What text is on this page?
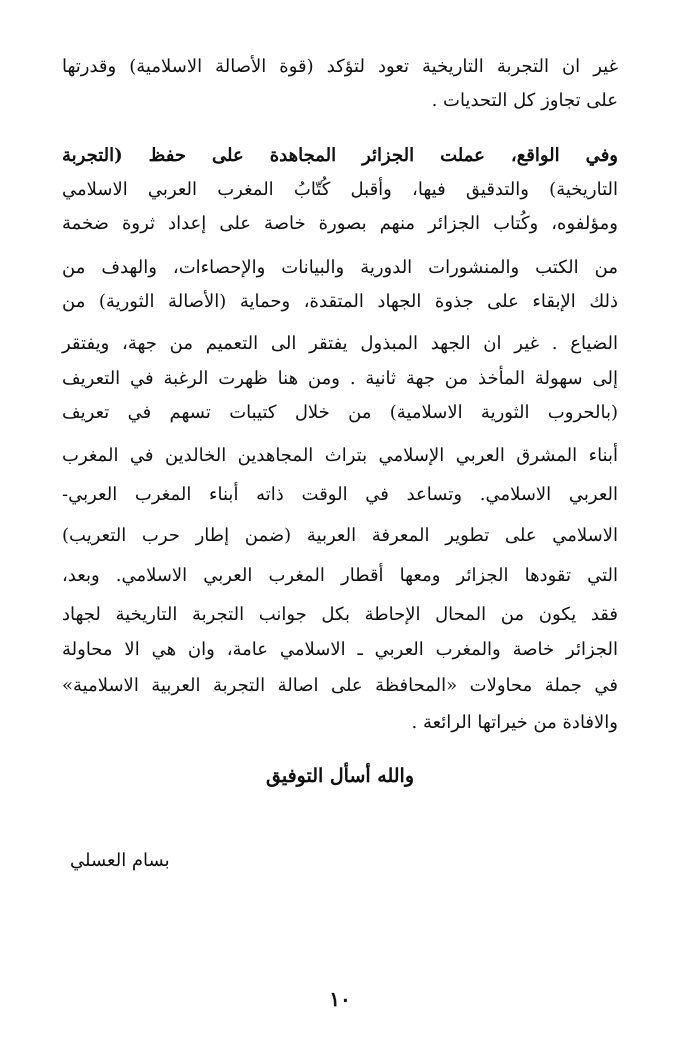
غير ان التجربة التاريخية تعود لتؤكد (قوة الأصالة الاسلامية) وقدرتها

على تجاوز كل التحديات .

وفي الواقع، عملت الجزائر المجاهدة على حفظ (التجربة

التاريخية) والتدقيق فيها، وأقبل كُتّابُ المغرب العربي الاسلامي

ومؤلفوه، وكُتاب الجزائر منهم بصورة خاصة على إعداد ثروة ضخمة

من الكتب والمنشورات الدورية والبيانات والإحصاءات، والهدف من

ذلك الإبقاء على جذوة الجهاد المتقدة، وحماية (الأصالة الثورية) من

الضياع . غير ان الجهد المبذول يفتقر الى التعميم من جهة، ويفتقر

إلى سهولة المأخذ من جهة ثانية . ومن هنا ظهرت الرغبة في التعريف

(بالحروب الثورية الاسلامية) من خلال كتيبات تسهم في تعريف

أبناء المشرق العربي الإسلامي بتراث المجاهدين الخالدين في المغرب

العربي الاسلامي. وتساعد في الوقت ذاته أبناء المغرب العربي-

الاسلامي على تطوير المعرفة العربية (ضمن إطار حرب التعريب)

التي تقودها الجزائر ومعها أقطار المغرب العربي الاسلامي. وبعد،

فقد يكون من المحال الإحاطة بكل جوانب التجربة التاريخية لجهاد

الجزائر خاصة والمغرب العربي ـ الاسلامي عامة، وان هي الا محاولة

في جملة محاولات «المحافظة على اصالة التجربة العربية الاسلامية»

والافادة من خيراتها الرائعة .

والله أسأل التوفيق

بسام العسلي

١٠
